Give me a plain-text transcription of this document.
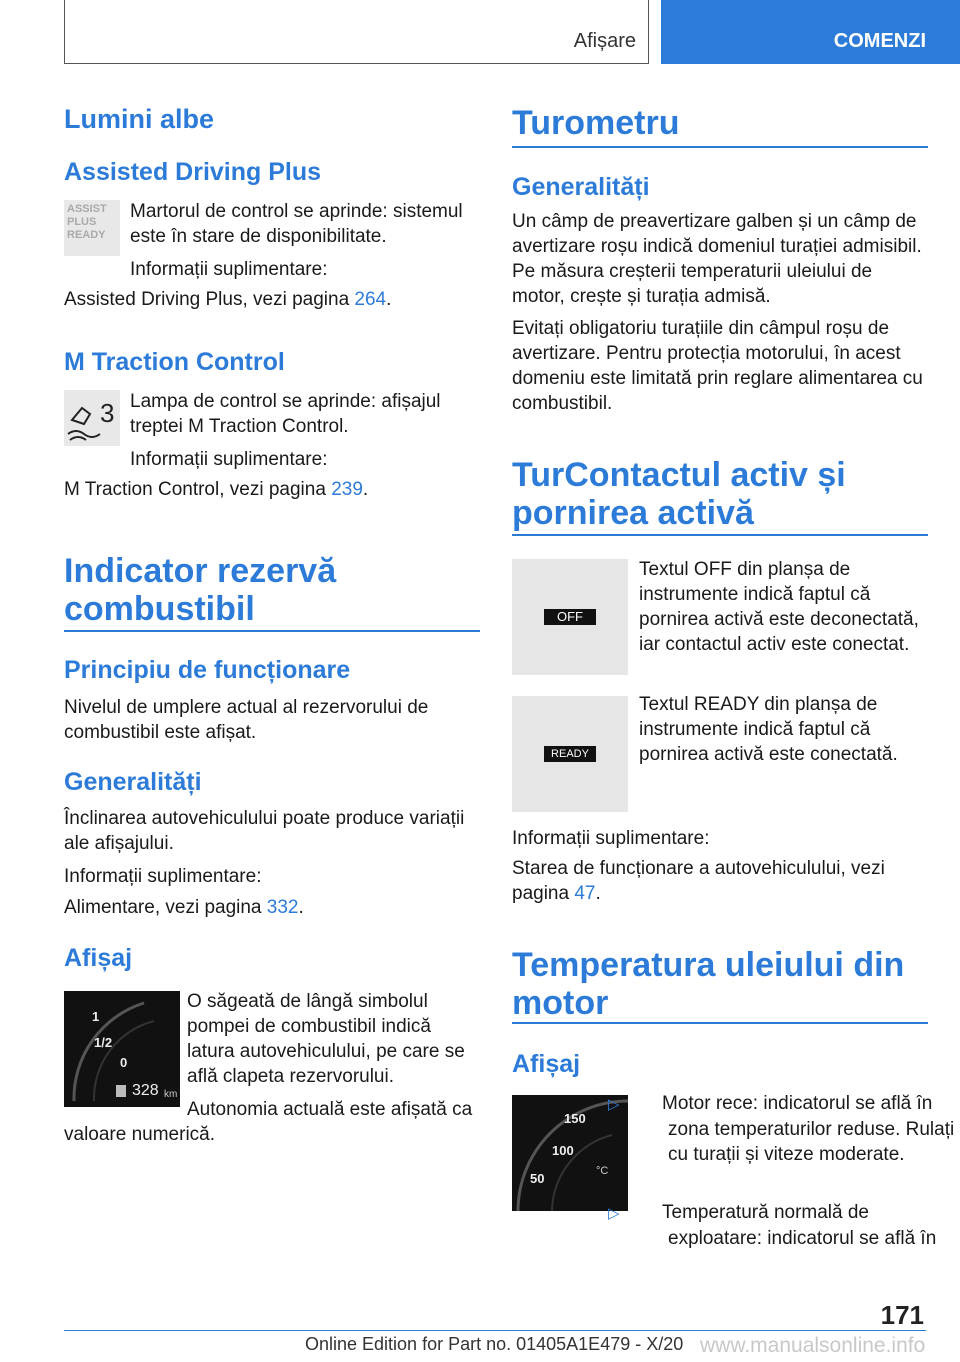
Afișare	COMENZI
Lumini albe
Assisted Driving Plus
ASSIST
PLUS
READY

Martorul de control se aprinde: sistemul este în stare de disponibilitate.

Informații suplimentare:

Assisted Driving Plus, vezi pagina 264.

M Traction Control
3 Lampa de control se aprinde: afișajul treptei M Traction Control.

Informații suplimentare:

M Traction Control, vezi pagina 239.

Indicator rezervă combustibil
Principiu de funcționare

Nivelul de umplere actual al rezervorului de combustibil este afișat.

Generalități

Înclinarea autovehiculului poate produce variații ale afișajului.

Informații suplimentare:

Alimentare, vezi pagina 332.

Afișaj
1
1/2
0
328 km

O săgeată de lângă simbolul pompei de combustibil indică latura autovehiculului, pe care se află clapeta rezervorului.

Autonomia actuală este afișată ca valoare numerică.

Turometru
Generalități

Un câmp de preavertizare galben și un câmp de avertizare roșu indică domeniul turației admisibil. Pe măsura creșterii temperaturii uleiului de motor, crește și turația admisă.

Evitați obligatoriu turațiile din câmpul roșu de avertizare. Pentru protecția motorului, în acest domeniu este limitată prin reglare alimentarea cu combustibil.

TurContactul activ și pornirea activă
OFF

Textul OFF din planșa de instrumente indică faptul că pornirea activă este deconectată, iar contactul activ este conectat.

READY

Textul READY din planșa de instrumente indică faptul că pornirea activă este conectată.

Informații suplimentare:

Starea de funcționare a autovehiculului, vezi pagina 47.

Temperatura uleiului din motor
Afișaj
150
100
50	°C

▷ Motor rece: indicatorul se află în zona temperaturilor reduse. Rulați cu turații și viteze moderate.

▷ Temperatură normală de exploatare: indicatorul se află în

171
Online Edition for Part no. 01405A1E479 - X/20 www.manualsonline.info
